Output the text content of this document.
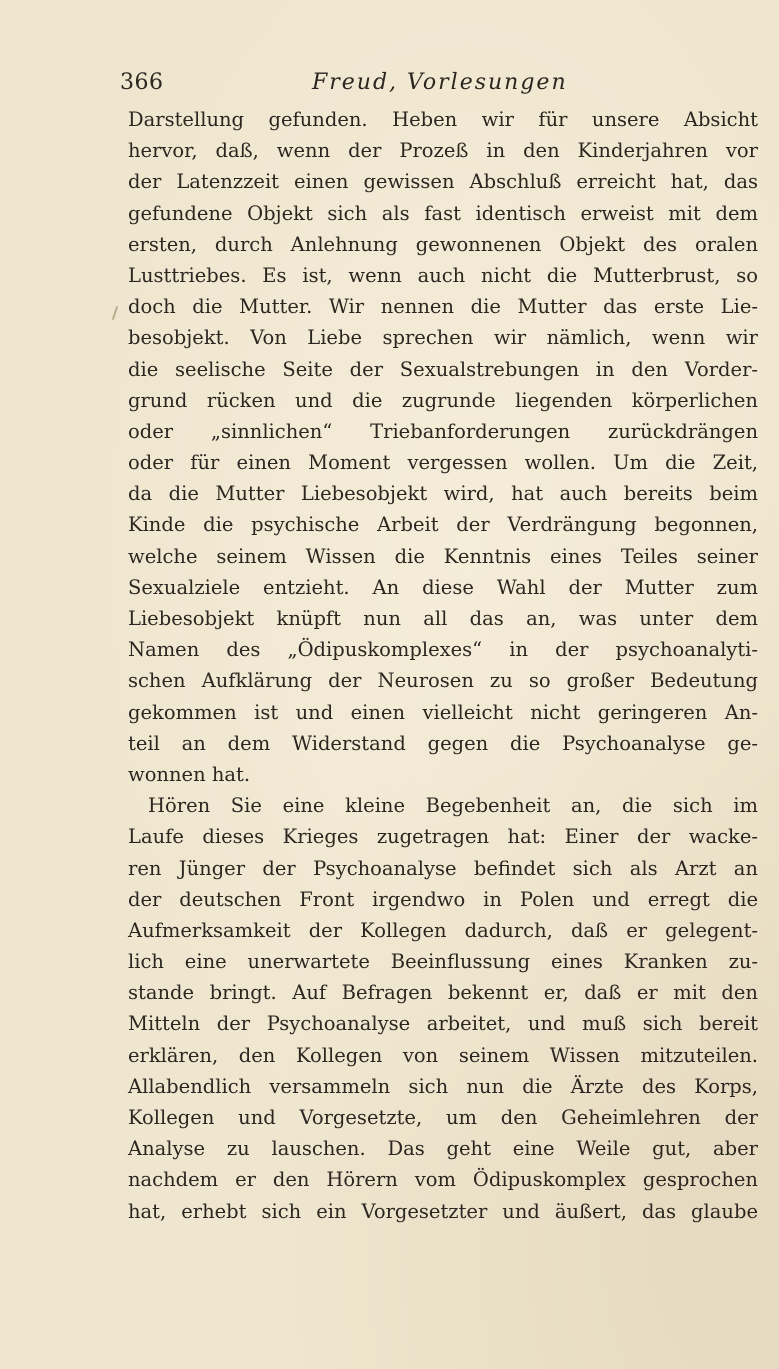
366	Freud, Vorlesungen
Darstellung gefunden. Heben wir für unsere Absicht
hervor, daß, wenn der Prozeß in den Kinderjahren vor
der Latenzzeit einen gewissen Abschluß erreicht hat, das
gefundene Objekt sich als fast identisch erweist mit dem
ersten, durch Anlehnung gewonnenen Objekt des oralen
Lusttriebes. Es ist, wenn auch nicht die Mutterbrust, so
doch die Mutter. Wir nennen die Mutter das erste Lie-
besobjekt. Von Liebe sprechen wir nämlich, wenn wir
die seelische Seite der Sexualstrebungen in den Vorder-
grund rücken und die zugrunde liegenden körperlichen
oder „sinnlichen“ Triebanforderungen zurückdrängen
oder für einen Moment vergessen wollen. Um die Zeit,
da die Mutter Liebesobjekt wird, hat auch bereits beim
Kinde die psychische Arbeit der Verdrängung begonnen,
welche seinem Wissen die Kenntnis eines Teiles seiner
Sexualziele entzieht. An diese Wahl der Mutter zum
Liebesobjekt knüpft nun all das an, was unter dem
Namen des „Ödipuskomplexes“ in der psychoanalyti-
schen Aufklärung der Neurosen zu so großer Bedeutung
gekommen ist und einen vielleicht nicht geringeren An-
teil an dem Widerstand gegen die Psychoanalyse ge-
wonnen hat.
Hören Sie eine kleine Begebenheit an, die sich im
Laufe dieses Krieges zugetragen hat: Einer der wacke-
ren Jünger der Psychoanalyse befindet sich als Arzt an
der deutschen Front irgendwo in Polen und erregt die
Aufmerksamkeit der Kollegen dadurch, daß er gelegent-
lich eine unerwartete Beeinflussung eines Kranken zu-
stande bringt. Auf Befragen bekennt er, daß er mit den
Mitteln der Psychoanalyse arbeitet, und muß sich bereit
erklären, den Kollegen von seinem Wissen mitzuteilen.
Allabendlich versammeln sich nun die Ärzte des Korps,
Kollegen und Vorgesetzte, um den Geheimlehren der
Analyse zu lauschen. Das geht eine Weile gut, aber
nachdem er den Hörern vom Ödipuskomplex gesprochen
hat, erhebt sich ein Vorgesetzter und äußert, das glaube
